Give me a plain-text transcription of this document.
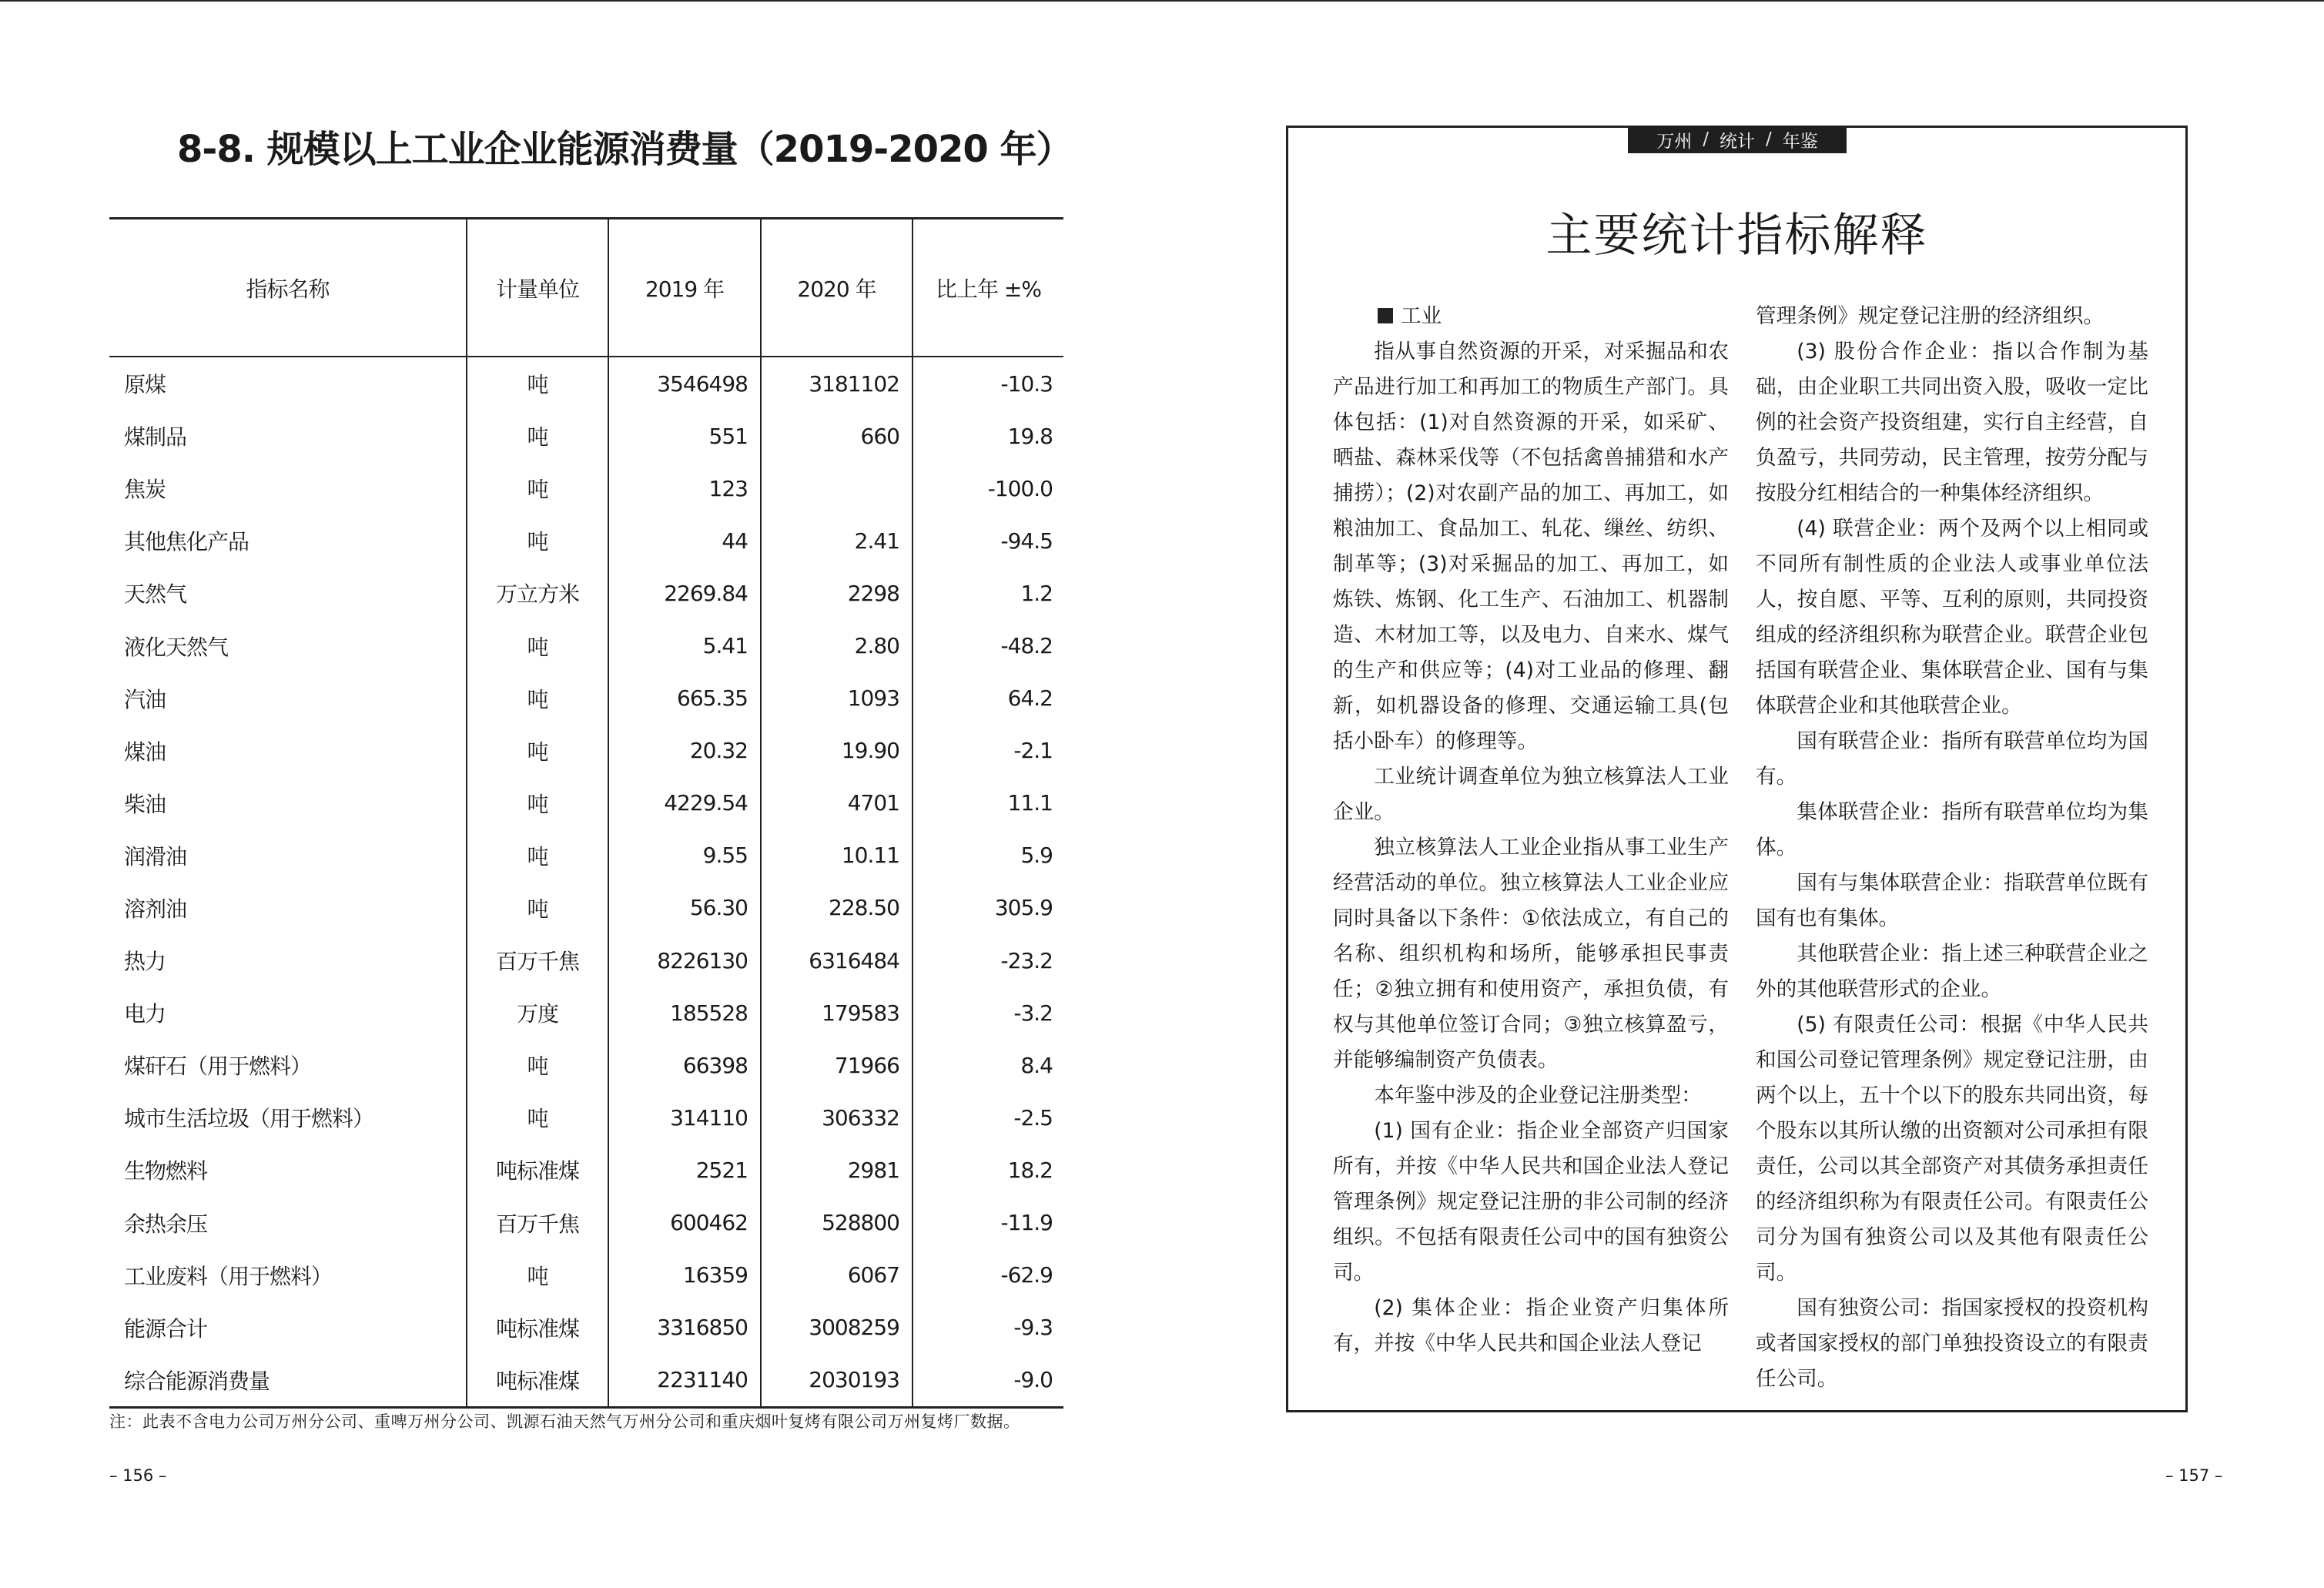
8-8. 规模以上工业企业能源消费量（2019-2020 年）
指标名称	计量单位	2019 年	2020 年	比上年 ±%
原煤	吨	3546498	3181102	-10.3
煤制品	吨	551	660	19.8
焦炭	吨	123		-100.0
其他焦化产品	吨	44	2.41	-94.5
天然气	万立方米	2269.84	2298	1.2
液化天然气	吨	5.41	2.80	-48.2
汽油	吨	665.35	1093	64.2
煤油	吨	20.32	19.90	-2.1
柴油	吨	4229.54	4701	11.1
润滑油	吨	9.55	10.11	5.9
溶剂油	吨	56.30	228.50	305.9
热力	百万千焦	8226130	6316484	-23.2
电力	万度	185528	179583	-3.2
煤矸石（用于燃料）	吨	66398	71966	8.4
城市生活垃圾（用于燃料）	吨	314110	306332	-2.5
生物燃料	吨标准煤	2521	2981	18.2
余热余压	百万千焦	600462	528800	-11.9
工业废料（用于燃料）	吨	16359	6067	-62.9
能源合计	吨标准煤	3316850	3008259	-9.3
综合能源消费量	吨标准煤	2231140	2030193	-9.0
注：此表不含电力公司万州分公司、重啤万州分公司、凯源石油天然气万州分公司和重庆烟叶复烤有限公司万州复烤厂数据。
– 156 –
万州 / 统计 / 年鉴
主要统计指标解释

工业

指从事自然资源的开采，对采掘品和农产品进行加工和再加工的物质生产部门。具体包括：(1)对自然资源的开采，如采矿、晒盐、森林采伐等（不包括禽兽捕猎和水产捕捞）；(2)对农副产品的加工、再加工，如粮油加工、食品加工、轧花、缫丝、纺织、制革等；(3)对采掘品的加工、再加工，如炼铁、炼钢、化工生产、石油加工、机器制造、木材加工等，以及电力、自来水、煤气的生产和供应等；(4)对工业品的修理、翻新，如机器设备的修理、交通运输工具(包括小卧车）的修理等。

工业统计调查单位为独立核算法人工业企业。

独立核算法人工业企业指从事工业生产经营活动的单位。独立核算法人工业企业应同时具备以下条件：①依法成立，有自己的名称、组织机构和场所，能够承担民事责任；②独立拥有和使用资产，承担负债，有权与其他单位签订合同；③独立核算盈亏，并能够编制资产负债表。

本年鉴中涉及的企业登记注册类型：

(1) 国有企业：指企业全部资产归国家所有，并按《中华人民共和国企业法人登记管理条例》规定登记注册的非公司制的经济组织。不包括有限责任公司中的国有独资公司。

(2) 集体企业：指企业资产归集体所有，并按《中华人民共和国企业法人登记

管理条例》规定登记注册的经济组织。

(3) 股份合作企业：指以合作制为基础，由企业职工共同出资入股，吸收一定比例的社会资产投资组建，实行自主经营，自负盈亏，共同劳动，民主管理，按劳分配与按股分红相结合的一种集体经济组织。

(4) 联营企业：两个及两个以上相同或不同所有制性质的企业法人或事业单位法人，按自愿、平等、互利的原则，共同投资组成的经济组织称为联营企业。联营企业包括国有联营企业、集体联营企业、国有与集体联营企业和其他联营企业。

国有联营企业：指所有联营单位均为国有。

集体联营企业：指所有联营单位均为集体。

国有与集体联营企业：指联营单位既有国有也有集体。

其他联营企业：指上述三种联营企业之外的其他联营形式的企业。

(5) 有限责任公司：根据《中华人民共和国公司登记管理条例》规定登记注册，由两个以上，五十个以下的股东共同出资，每个股东以其所认缴的出资额对公司承担有限责任，公司以其全部资产对其债务承担责任的经济组织称为有限责任公司。有限责任公司分为国有独资公司以及其他有限责任公司。

国有独资公司：指国家授权的投资机构或者国家授权的部门单独投资设立的有限责任公司。

– 157 –
